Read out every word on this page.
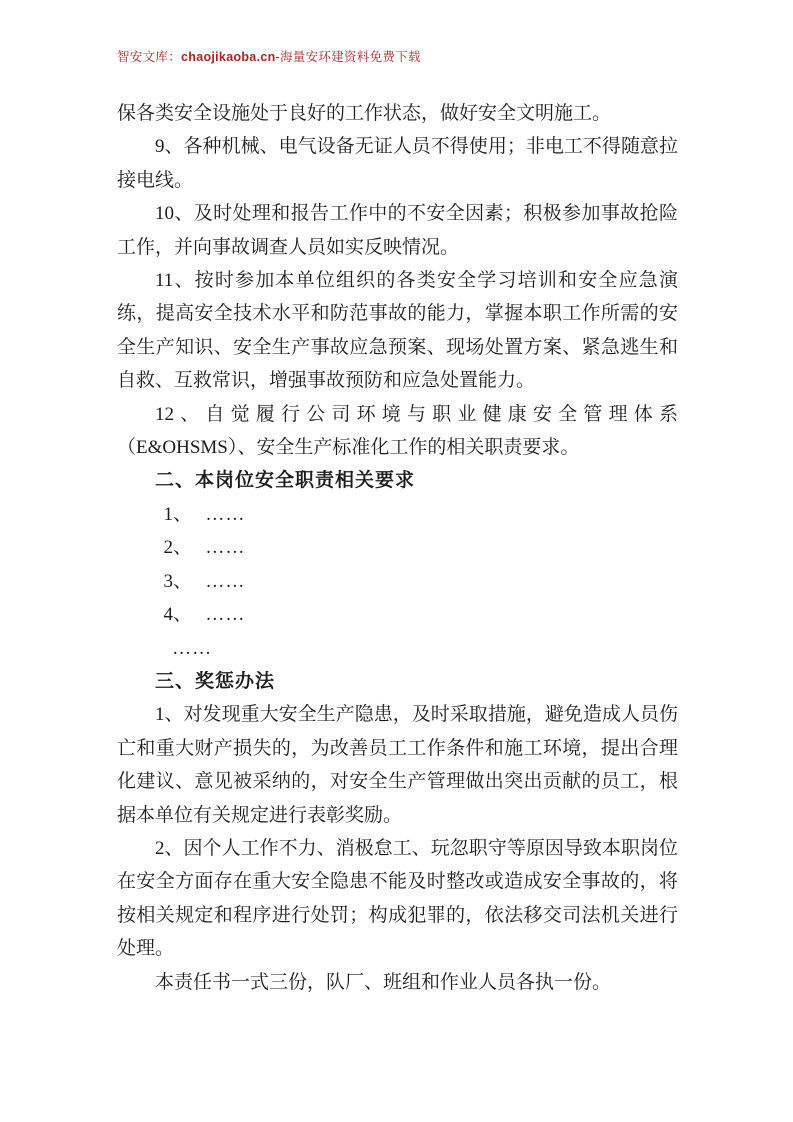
智安文库：chaojikaoba.cn-海量安环建资料免费下载

保各类安全设施处于良好的工作状态，做好安全文明施工。

9、各种机械、电气设备无证人员不得使用；非电工不得随意拉接电线。

10、及时处理和报告工作中的不安全因素；积极参加事故抢险工作，并向事故调查人员如实反映情况。

11、按时参加本单位组织的各类安全学习培训和安全应急演练，提高安全技术水平和防范事故的能力，掌握本职工作所需的安全生产知识、安全生产事故应急预案、现场处置方案、紧急逃生和自救、互救常识，增强事故预防和应急处置能力。

12、自觉履行公司环境与职业健康安全管理体系（E&OHSMS）、安全生产标准化工作的相关职责要求。

二、本岗位安全职责相关要求

1、 ……

2、 ……

3、 ……

4、 ……

……

三、奖惩办法

1、对发现重大安全生产隐患，及时采取措施，避免造成人员伤亡和重大财产损失的，为改善员工工作条件和施工环境，提出合理化建议、意见被采纳的，对安全生产管理做出突出贡献的员工，根据本单位有关规定进行表彰奖励。

2、因个人工作不力、消极怠工、玩忽职守等原因导致本职岗位在安全方面存在重大安全隐患不能及时整改或造成安全事故的，将按相关规定和程序进行处罚；构成犯罪的，依法移交司法机关进行处理。

本责任书一式三份，队厂、班组和作业人员各执一份。
